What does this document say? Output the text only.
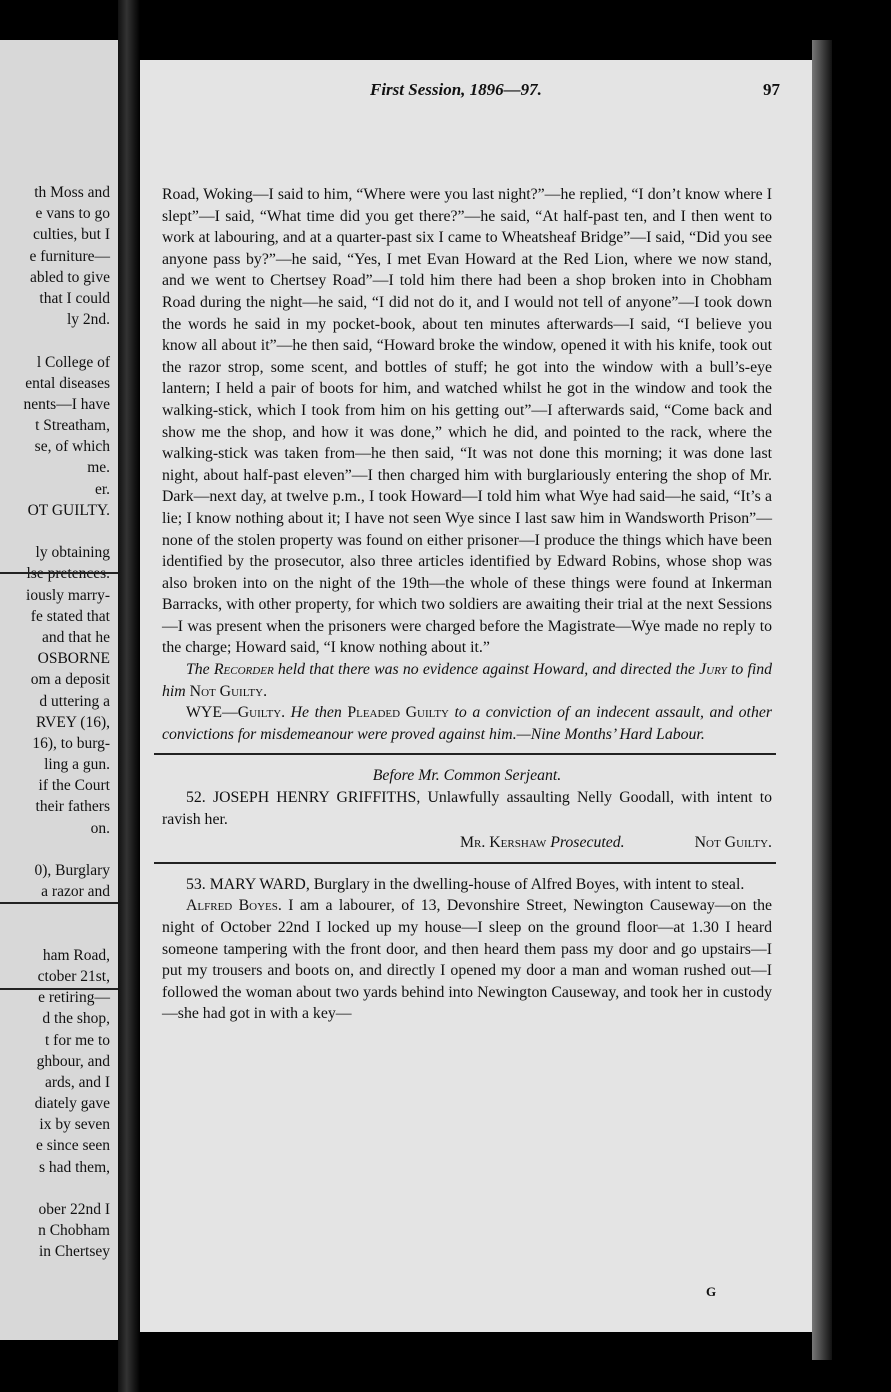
th Moss and
e vans to go
culties, but I
e furniture—
abled to give
that I could
ly 2nd.
l College of
ental diseases
nents—I have
t Streatham,
se, of which
me.
er.
OT GUILTY.
ly obtaining
lse pretences.
iously marry-
fe stated that
and that he
OSBORNE
om a deposit
d uttering a
RVEY (16),
16), to burg-
ling a gun.
if the Court
their fathers
on.
0), Burglary
a razor and
ham Road,
ctober 21st,
e retiring—
d the shop,
t for me to
ghbour, and
ards, and I
diately gave
ix by seven
e since seen
s had them,
ober 22nd I
n Chobham
in Chertsey
First Session, 1896—97.	97

Road, Woking—I said to him, “Where were you last night?”—he replied, “I don’t know where I slept”—I said, “What time did you get there?”—he said, “At half-past ten, and I then went to work at labouring, and at a quarter-past six I came to Wheatsheaf Bridge”—I said, “Did you see anyone pass by?”—he said, “Yes, I met Evan Howard at the Red Lion, where we now stand, and we went to Chertsey Road”—I told him there had been a shop broken into in Chobham Road during the night—he said, “I did not do it, and I would not tell of anyone”—I took down the words he said in my pocket-book, about ten minutes afterwards—I said, “I believe you know all about it”—he then said, “Howard broke the window, opened it with his knife, took out the razor strop, some scent, and bottles of stuff; he got into the window with a bull’s-eye lantern; I held a pair of boots for him, and watched whilst he got in the window and took the walking-stick, which I took from him on his getting out”—I afterwards said, “Come back and show me the shop, and how it was done,” which he did, and pointed to the rack, where the walking-stick was taken from—he then said, “It was not done this morning; it was done last night, about half-past eleven”—I then charged him with burglariously entering the shop of Mr. Dark—next day, at twelve p.m., I took Howard—I told him what Wye had said—he said, “It’s a lie; I know nothing about it; I have not seen Wye since I last saw him in Wandsworth Prison”—none of the stolen property was found on either prisoner—I produce the things which have been identified by the prosecutor, also three articles identified by Edward Robins, whose shop was also broken into on the night of the 19th—the whole of these things were found at Inkerman Barracks, with other property, for which two soldiers are awaiting their trial at the next Sessions—I was present when the prisoners were charged before the Magistrate—Wye made no reply to the charge; Howard said, “I know nothing about it.”

The Recorder held that there was no evidence against Howard, and directed the Jury to find him Not Guilty.

WYE—Guilty. He then Pleaded Guilty to a conviction of an indecent assault, and other convictions for misdemeanour were proved against him.—Nine Months’ Hard Labour.

Before Mr. Common Serjeant.

52. JOSEPH HENRY GRIFFITHS, Unlawfully assaulting Nelly Goodall, with intent to ravish her.

Mr. Kershaw Prosecuted.	Not Guilty.

53. MARY WARD, Burglary in the dwelling-house of Alfred Boyes, with intent to steal.

Alfred Boyes. I am a labourer, of 13, Devonshire Street, Newington Causeway—on the night of October 22nd I locked up my house—I sleep on the ground floor—at 1.30 I heard someone tampering with the front door, and then heard them pass my door and go upstairs—I put my trousers and boots on, and directly I opened my door a man and woman rushed out—I followed the woman about two yards behind into Newington Causeway, and took her in custody—she had got in with a key—

G
